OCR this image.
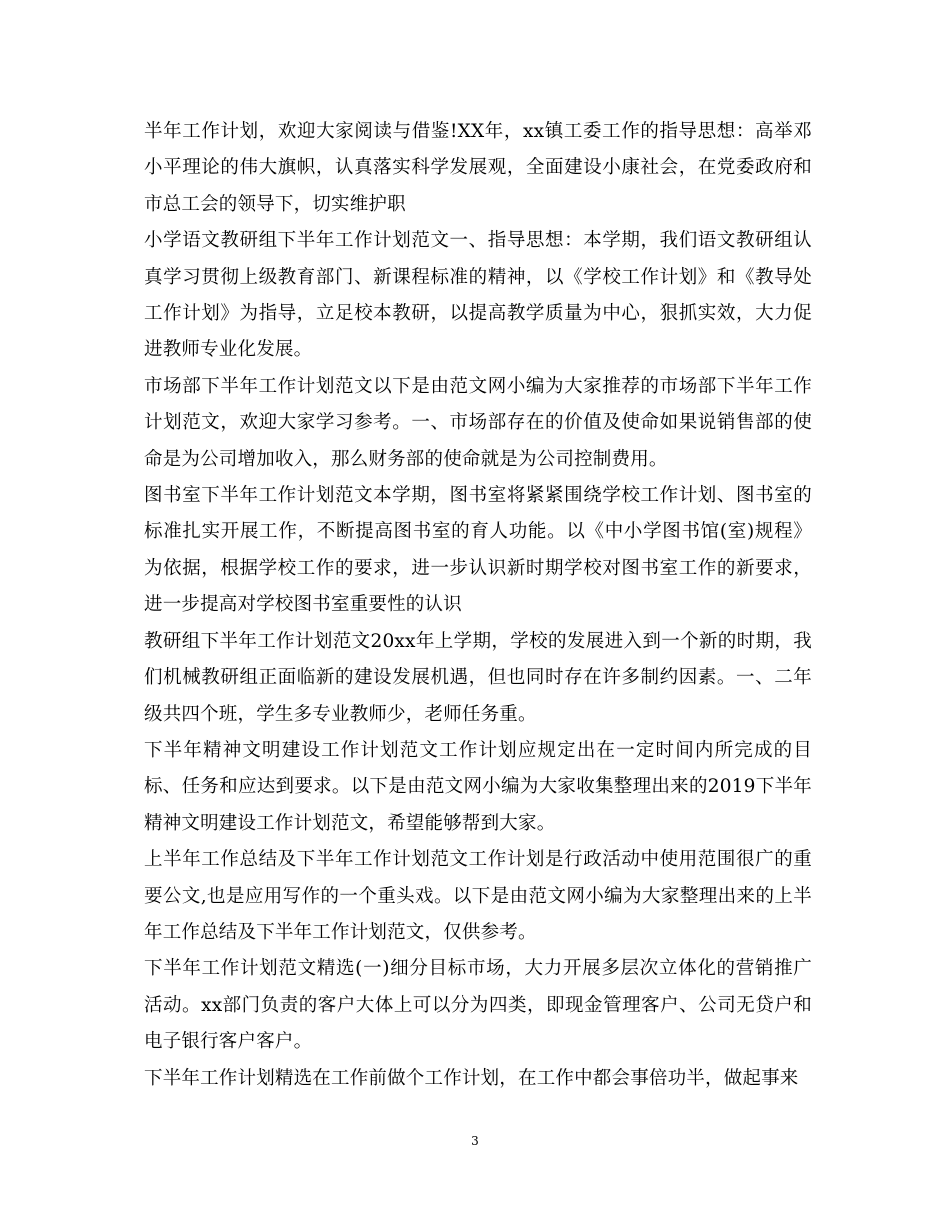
半年工作计划，欢迎大家阅读与借鉴!XX年，xx镇工委工作的指导思想：高举邓小平理论的伟大旗帜，认真落实科学发展观，全面建设小康社会，在党委政府和市总工会的领导下，切实维护职

小学语文教研组下半年工作计划范文一、指导思想：本学期，我们语文教研组认真学习贯彻上级教育部门、新课程标准的精神，以《学校工作计划》和《教导处工作计划》为指导，立足校本教研，以提高教学质量为中心，狠抓实效，大力促进教师专业化发展。

市场部下半年工作计划范文以下是由范文网小编为大家推荐的市场部下半年工作计划范文，欢迎大家学习参考。一、市场部存在的价值及使命如果说销售部的使命是为公司增加收入，那么财务部的使命就是为公司控制费用。

图书室下半年工作计划范文本学期，图书室将紧紧围绕学校工作计划、图书室的标准扎实开展工作，不断提高图书室的育人功能。以《中小学图书馆(室)规程》为依据，根据学校工作的要求，进一步认识新时期学校对图书室工作的新要求，进一步提高对学校图书室重要性的认识

教研组下半年工作计划范文20xx年上学期，学校的发展进入到一个新的时期，我们机械教研组正面临新的建设发展机遇，但也同时存在许多制约因素。一、二年级共四个班，学生多专业教师少，老师任务重。

下半年精神文明建设工作计划范文工作计划应规定出在一定时间内所完成的目标、任务和应达到要求。以下是由范文网小编为大家收集整理出来的2019下半年精神文明建设工作计划范文，希望能够帮到大家。

上半年工作总结及下半年工作计划范文工作计划是行政活动中使用范围很广的重要公文,也是应用写作的一个重头戏。以下是由范文网小编为大家整理出来的上半年工作总结及下半年工作计划范文，仅供参考。

下半年工作计划范文精选(一)细分目标市场，大力开展多层次立体化的营销推广活动。xx部门负责的客户大体上可以分为四类，即现金管理客户、公司无贷户和电子银行客户客户。

下半年工作计划精选在工作前做个工作计划，在工作中都会事倍功半，做起事来

3
